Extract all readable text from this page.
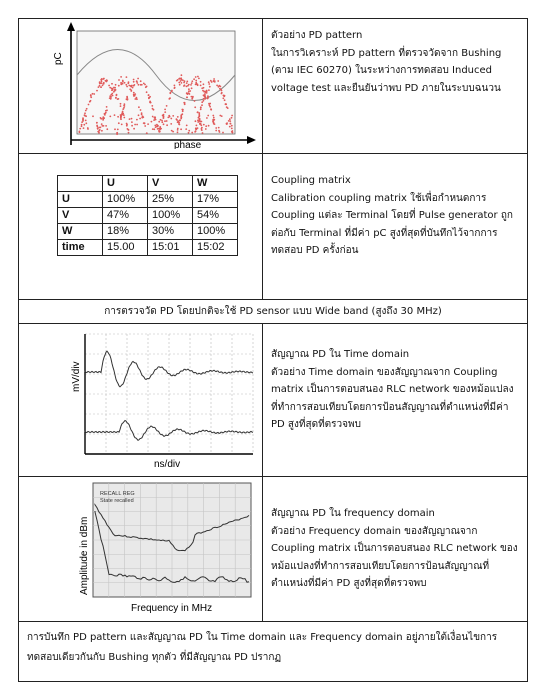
pC
phase

ตัวอย่าง PD pattern
ในการวิเคราะห์ PD pattern ที่ตรวจวัดจาก Bushing (ตาม IEC 60270) ในระหว่างการทดสอบ Induced voltage test และยืนยันว่าพบ PD ภายในระบบฉนวน

	U	V	W
U	100%	25%	17%
V	47%	100%	54%
W	18%	30%	100%
time	15.00	15:01	15:02

Coupling matrix
Calibration coupling matrix ใช้เพื่อกำหนดการ Coupling แต่ละ Terminal โดยที่ Pulse generator ถูกต่อกับ Terminal ที่มีค่า pC สูงที่สุดที่บันทึกไว้จากการทดสอบ PD ครั้งก่อน
การตรวจวัด PD โดยปกติจะใช้ PD sensor แบบ Wide band (สูงถึง 30 MHz)

mV/div
ns/div

สัญญาณ PD ใน Time domain
ตัวอย่าง Time domain ของสัญญาณจาก Coupling matrix เป็นการตอบสนอง RLC network ของหม้อแปลงที่ทำการสอบเทียบโดยการป้อนสัญญาณที่ตำแหน่งที่มีค่า PD สูงที่สุดที่ตรวจพบ

RECALL REG
State recalled
Amplitude in dBm
Frequency in MHz

สัญญาณ PD ใน frequency domain
ตัวอย่าง Frequency domain ของสัญญาณจาก Coupling matrix เป็นการตอบสนอง RLC network ของหม้อแปลงที่ทำการสอบเทียบโดยการป้อนสัญญาณที่ตำแหน่งที่มีค่า PD สูงที่สุดที่ตรวจพบ
การบันทึก PD pattern และสัญญาณ PD ใน Time domain และ Frequency domain อยู่ภายใต้เงื่อนไขการทดสอบเดียวกันกับ Bushing ทุกตัว ที่มีสัญญาณ PD ปรากฏ
